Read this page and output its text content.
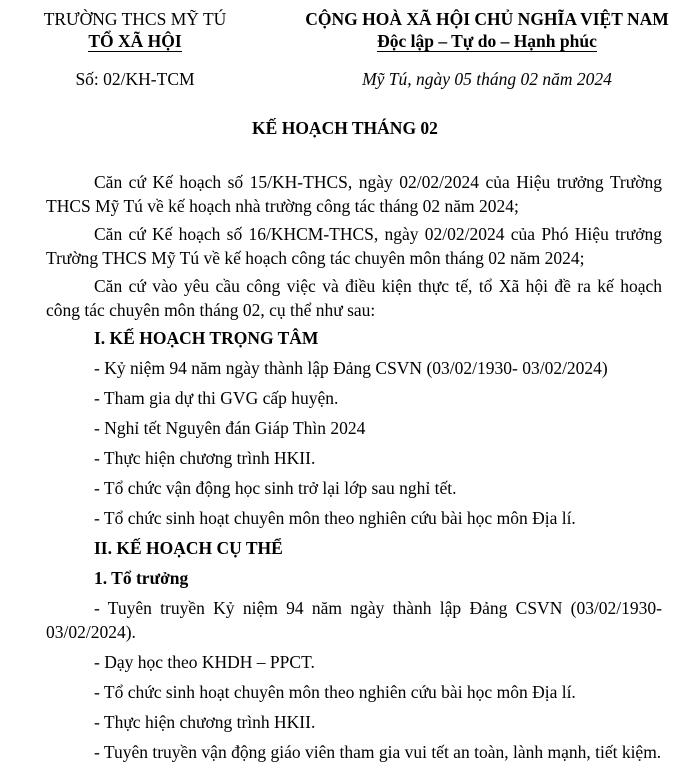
TRƯỜNG THCS MỸ TÚ
TỔ XÃ HỘI
CỘNG HOÀ XÃ HỘI CHỦ NGHĨA VIỆT NAM
Độc lập – Tự do – Hạnh phúc
Số: 02/KH-TCM	Mỹ Tú, ngày 05 tháng 02 năm 2024
KẾ HOẠCH THÁNG 02

Căn cứ Kế hoạch số 15/KH-THCS, ngày 02/02/2024 của Hiệu trưởng Trường THCS Mỹ Tú về kế hoạch nhà trường công tác tháng 02 năm 2024;

Căn cứ Kế hoạch số 16/KHCM-THCS, ngày 02/02/2024 của Phó Hiệu trưởng Trường THCS Mỹ Tú về kế hoạch công tác chuyên môn tháng 02 năm 2024;

Căn cứ vào yêu cầu công việc và điều kiện thực tế, tổ Xã hội đề ra kế hoạch công tác chuyên môn tháng 02, cụ thể như sau:

I. KẾ HOẠCH TRỌNG TÂM
- Kỷ niệm 94 năm ngày thành lập Đảng CSVN (03/02/1930- 03/02/2024)
- Tham gia dự thi GVG cấp huyện.
- Nghỉ tết Nguyên đán Giáp Thìn 2024
- Thực hiện chương trình HKII.
- Tổ chức vận động học sinh trở lại lớp sau nghỉ tết.
- Tổ chức sinh hoạt chuyên môn theo nghiên cứu bài học môn Địa lí.
II. KẾ HOẠCH CỤ THỂ
1. Tổ trưởng

- Tuyên truyền Kỷ niệm 94 năm ngày thành lập Đảng CSVN (03/02/1930- 03/02/2024).

- Dạy học theo KHDH – PPCT.
- Tổ chức sinh hoạt chuyên môn theo nghiên cứu bài học môn Địa lí.
- Thực hiện chương trình HKII.

- Tuyên truyền vận động giáo viên tham gia vui tết an toàn, lành mạnh, tiết kiệm.
